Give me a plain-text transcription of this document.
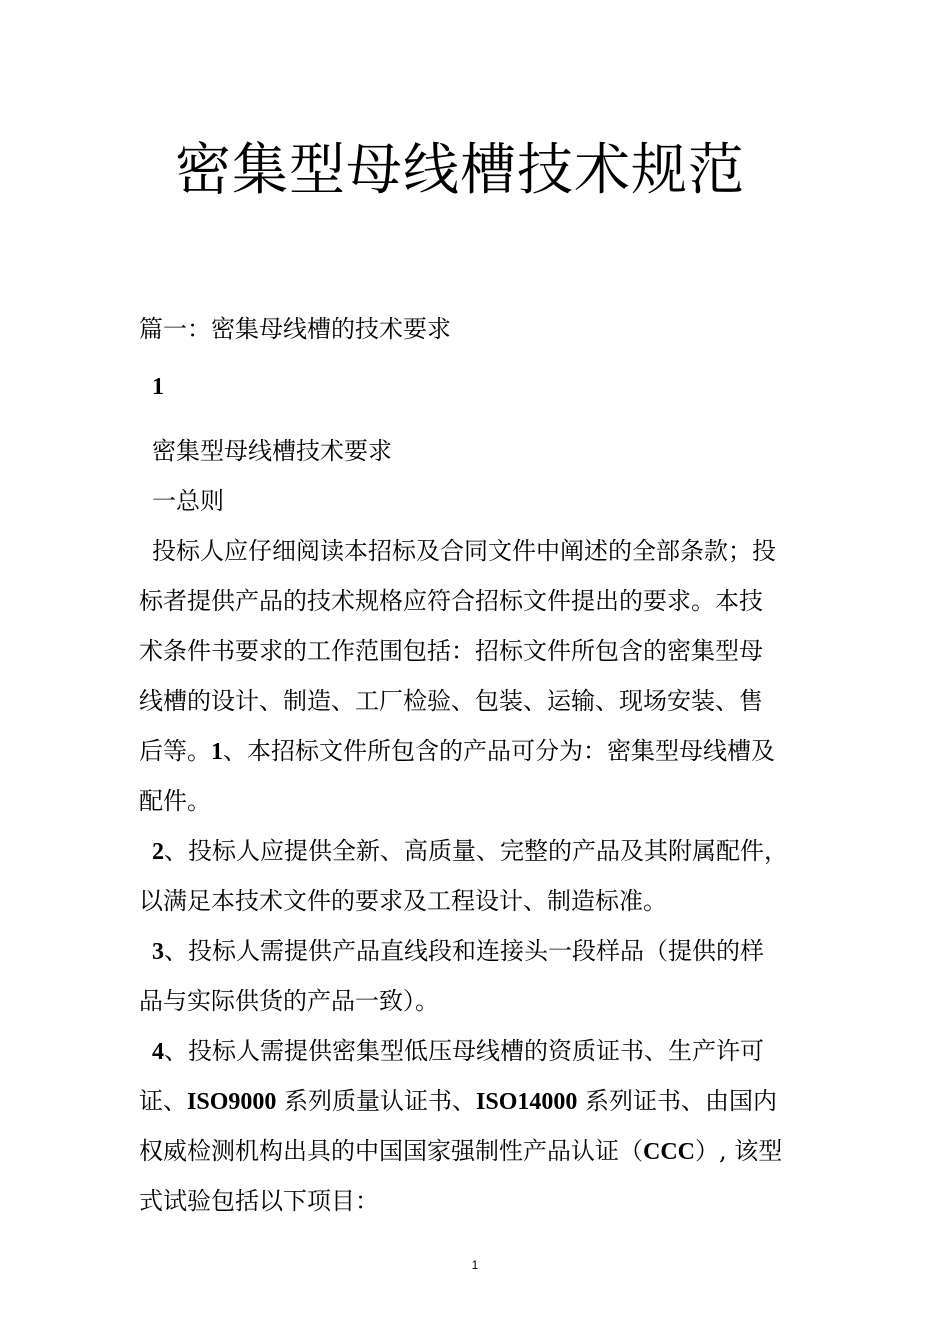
密集型母线槽技术规范
篇一：密集母线槽的技术要求
1
密集型母线槽技术要求
一总则
投标人应仔细阅读本招标及合同文件中阐述的全部条款；投
标者提供产品的技术规格应符合招标文件提出的要求。本技
术条件书要求的工作范围包括：招标文件所包含的密集型母
线槽的设计、制造、工厂检验、包装、运输、现场安装、售
后等。1、本招标文件所包含的产品可分为：密集型母线槽及
配件。
2、投标人应提供全新、高质量、完整的产品及其附属配件，
以满足本技术文件的要求及工程设计、制造标准。
3、投标人需提供产品直线段和连接头一段样品（提供的样
品与实际供货的产品一致）。
4、投标人需提供密集型低压母线槽的资质证书、生产许可
证、ISO9000 系列质量认证书、ISO14000 系列证书、由国内
权威检测机构出具的中国国家强制性产品认证（CCC）, 该型
式试验包括以下项目：
1
